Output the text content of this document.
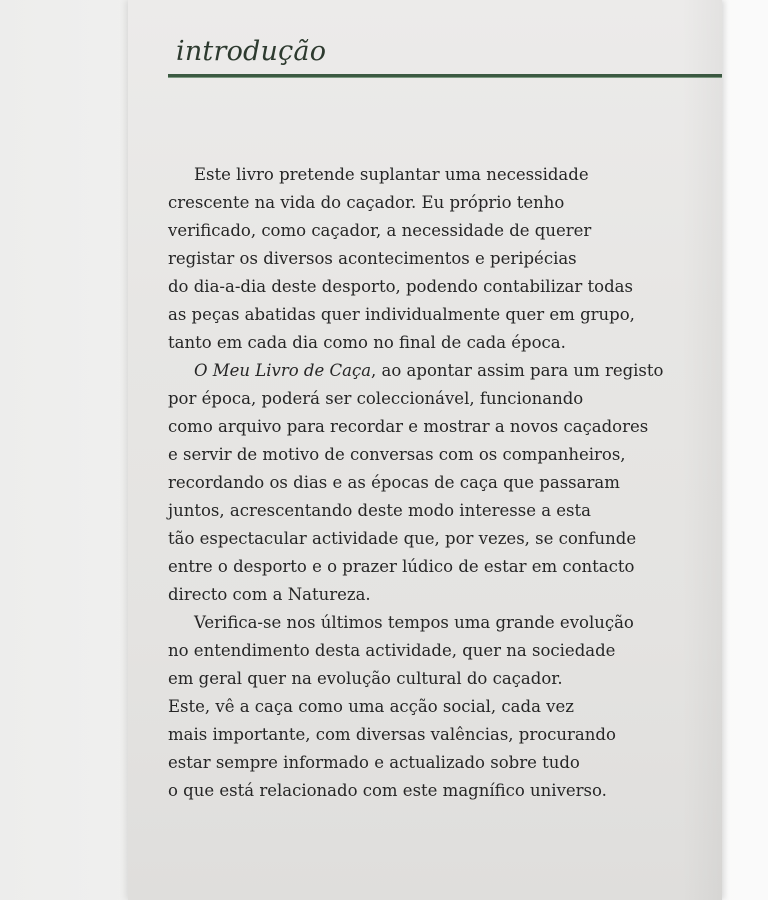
introdução
Este livro pretende suplantar uma necessidade
crescente na vida do caçador. Eu próprio tenho
verificado, como caçador, a necessidade de querer
registar os diversos acontecimentos e peripécias
do dia-a-dia deste desporto, podendo contabilizar todas
as peças abatidas quer individualmente quer em grupo,
tanto em cada dia como no final de cada época.
O Meu Livro de Caça, ao apontar assim para um registo
por época, poderá ser coleccionável, funcionando
como arquivo para recordar e mostrar a novos caçadores
e servir de motivo de conversas com os companheiros,
recordando os dias e as épocas de caça que passaram
juntos, acrescentando deste modo interesse a esta
tão espectacular actividade que, por vezes, se confunde
entre o desporto e o prazer lúdico de estar em contacto
directo com a Natureza.
Verifica-se nos últimos tempos uma grande evolução
no entendimento desta actividade, quer na sociedade
em geral quer na evolução cultural do caçador.
Este, vê a caça como uma acção social, cada vez
mais importante, com diversas valências, procurando
estar sempre informado e actualizado sobre tudo
o que está relacionado com este magnífico universo.
